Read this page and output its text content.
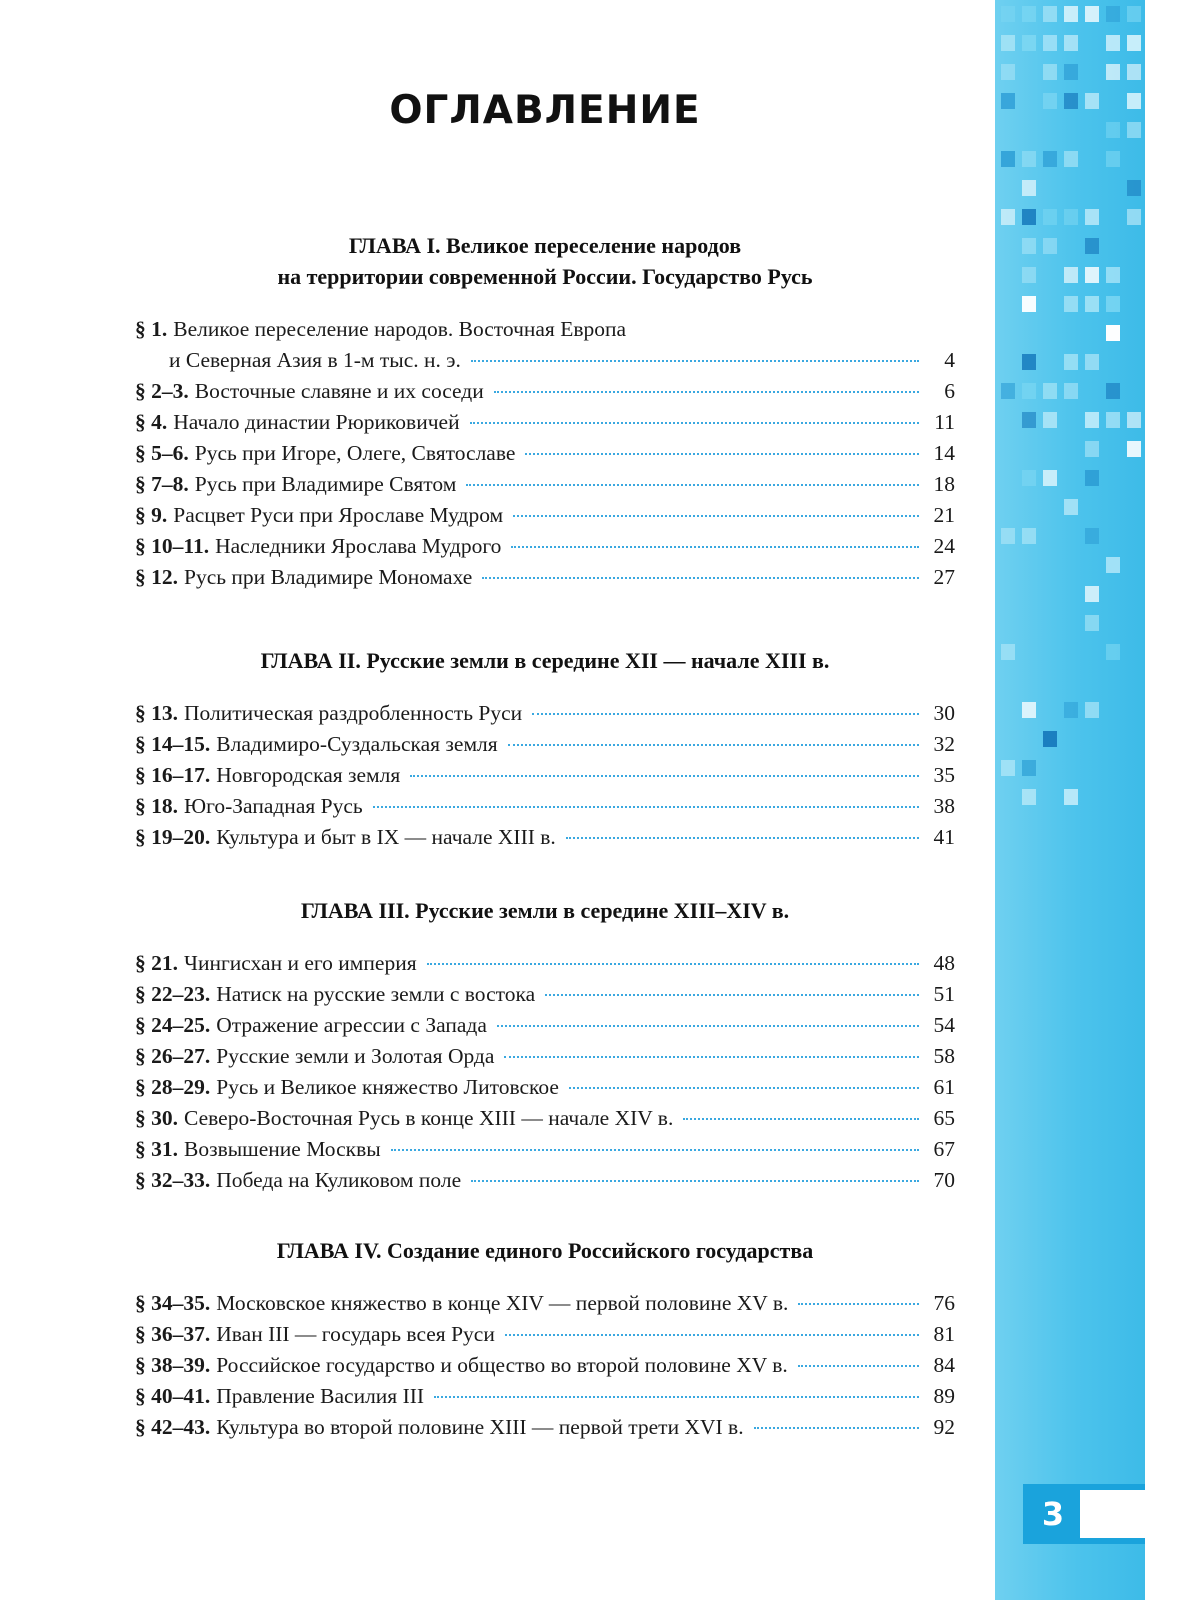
ОГЛАВЛЕНИЕ
ГЛАВА I. Великое переселение народов
на территории современной России. Государство Русь
§ 1. Великое переселение народов. Восточная Европа
и Северная Азия в 1-м тыс. н. э.	4
§ 2–3. Восточные славяне и их соседи	6
§ 4. Начало династии Рюриковичей	11
§ 5–6. Русь при Игоре, Олеге, Святославе	14
§ 7–8. Русь при Владимире Святом	18
§ 9. Расцвет Руси при Ярославе Мудром	21
§ 10–11. Наследники Ярослава Мудрого	24
§ 12. Русь при Владимире Мономахе	27
ГЛАВА II. Русские земли в середине XII — начале XIII в.
§ 13. Политическая раздробленность Руси	30
§ 14–15. Владимиро-Суздальская земля	32
§ 16–17. Новгородская земля	35
§ 18. Юго-Западная Русь	38
§ 19–20. Культура и быт в IX — начале XIII в.	41
ГЛАВА III. Русские земли в середине XIII–XIV в.
§ 21. Чингисхан и его империя	48
§ 22–23. Натиск на русские земли с востока	51
§ 24–25. Отражение агрессии с Запада	54
§ 26–27. Русские земли и Золотая Орда	58
§ 28–29. Русь и Великое княжество Литовское	61
§ 30. Северо-Восточная Русь в конце XIII — начале XIV в.	65
§ 31. Возвышение Москвы	67
§ 32–33. Победа на Куликовом поле	70
ГЛАВА IV. Создание единого Российского государства
§ 34–35. Московское княжество в конце XIV — первой половине XV в.	76
§ 36–37. Иван III — государь всея Руси	81
§ 38–39. Российское государство и общество во второй половине XV в.	84
§ 40–41. Правление Василия III	89
§ 42–43. Культура во второй половине XIII — первой трети XVI в.	92
3
